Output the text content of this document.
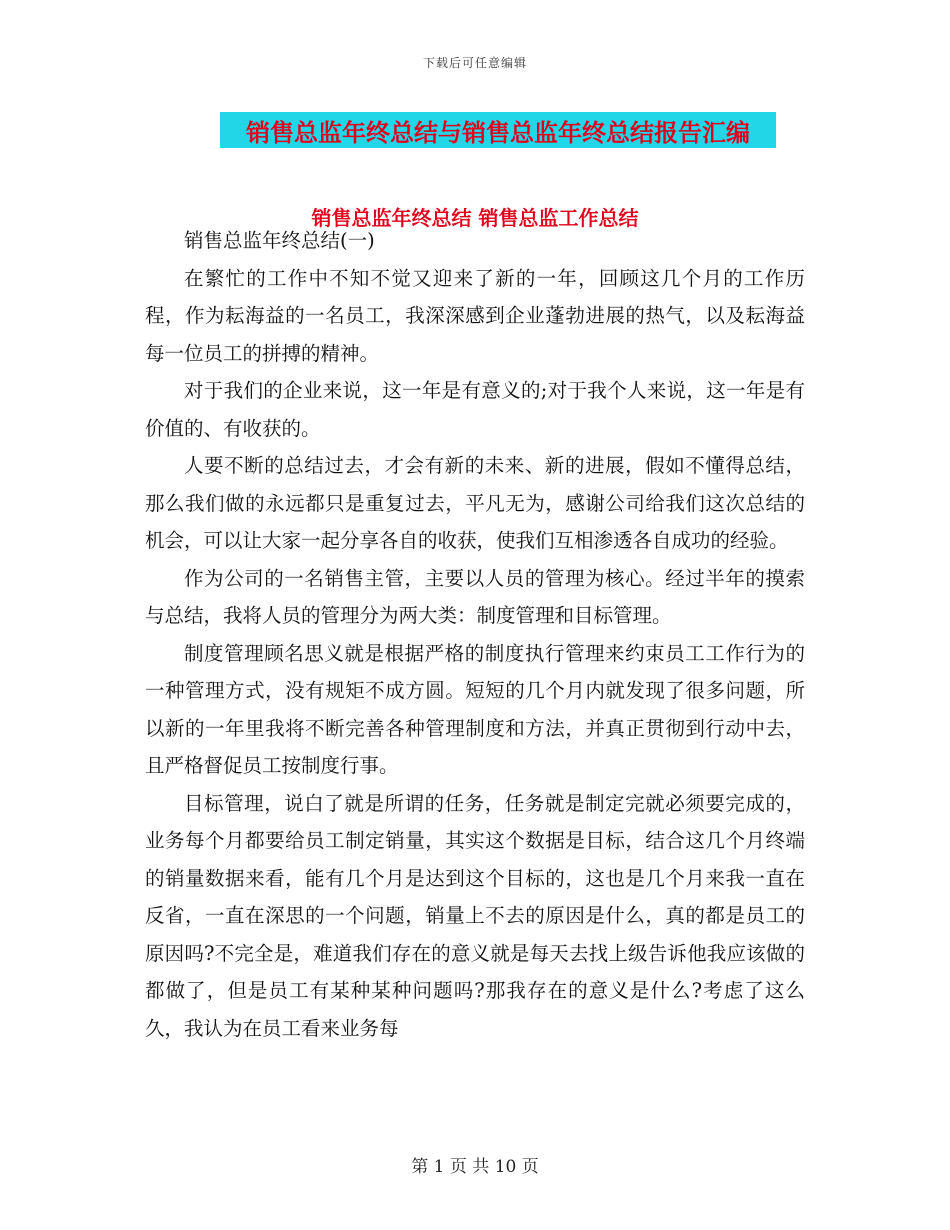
下载后可任意编辑
销售总监年终总结与销售总监年终总结报告汇编
销售总监年终总结 销售总监工作总结

销售总监年终总结(一)

在繁忙的工作中不知不觉又迎来了新的一年，回顾这几个月的工作历程，作为耘海益的一名员工，我深深感到企业蓬勃进展的热气，以及耘海益每一位员工的拼搏的精神。

对于我们的企业来说，这一年是有意义的;对于我个人来说，这一年是有价值的、有收获的。

人要不断的总结过去，才会有新的未来、新的进展，假如不懂得总结，那么我们做的永远都只是重复过去，平凡无为，感谢公司给我们这次总结的机会，可以让大家一起分享各自的收获，使我们互相渗透各自成功的经验。

作为公司的一名销售主管，主要以人员的管理为核心。经过半年的摸索与总结，我将人员的管理分为两大类：制度管理和目标管理。

制度管理顾名思义就是根据严格的制度执行管理来约束员工工作行为的一种管理方式，没有规矩不成方圆。短短的几个月内就发现了很多问题，所以新的一年里我将不断完善各种管理制度和方法，并真正贯彻到行动中去，且严格督促员工按制度行事。

目标管理，说白了就是所谓的任务，任务就是制定完就必须要完成的，业务每个月都要给员工制定销量，其实这个数据是目标，结合这几个月终端的销量数据来看，能有几个月是达到这个目标的，这也是几个月来我一直在反省，一直在深思的一个问题，销量上不去的原因是什么，真的都是员工的原因吗?不完全是，难道我们存在的意义就是每天去找上级告诉他我应该做的都做了，但是员工有某种某种问题吗?那我存在的意义是什么?考虑了这么久，我认为在员工看来业务每

第 1 页 共 10 页
